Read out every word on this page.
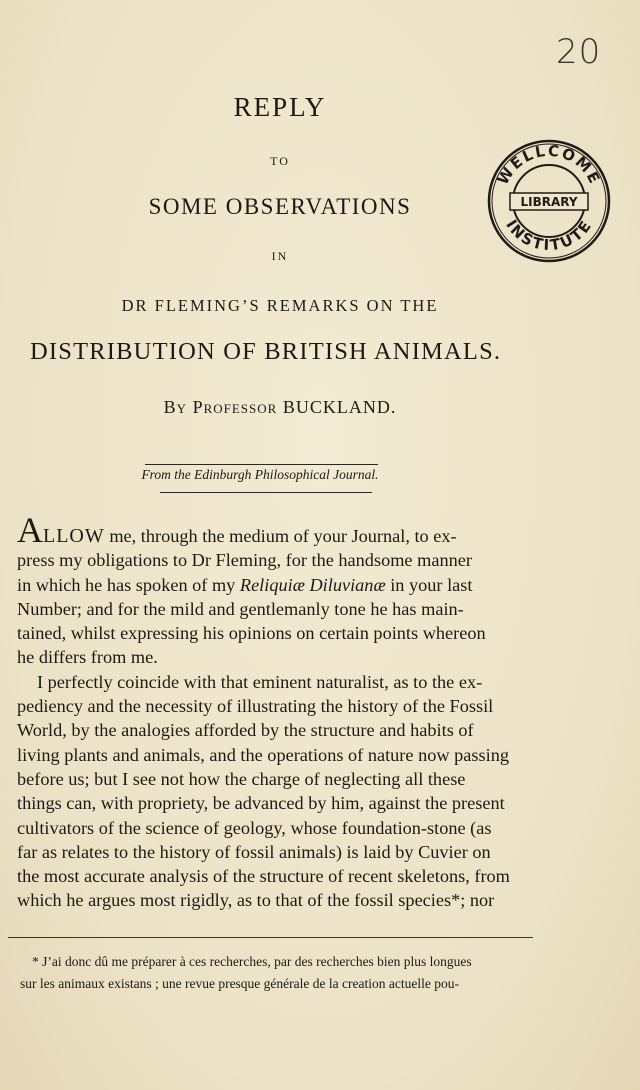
20
WELLCOME
INSTITUTE
LIBRARY
REPLY
TO
SOME OBSERVATIONS
IN
DR FLEMING’S REMARKS ON THE
DISTRIBUTION OF BRITISH ANIMALS.
By Professor BUCKLAND.
From the Edinburgh Philosophical Journal.

ALLOW me, through the medium of your Journal, to ex-
press my obligations to Dr Fleming, for the handsome manner
in which he has spoken of my Reliquiæ Diluvianæ in your last
Number; and for the mild and gentlemanly tone he has main-
tained, whilst expressing his opinions on certain points whereon
he differs from me.

I perfectly coincide with that eminent naturalist, as to the ex-
pediency and the necessity of illustrating the history of the Fossil
World, by the analogies afforded by the structure and habits of
living plants and animals, and the operations of nature now passing
before us; but I see not how the charge of neglecting all these
things can, with propriety, be advanced by him, against the present
cultivators of the science of geology, whose foundation-stone (as
far as relates to the history of fossil animals) is laid by Cuvier on
the most accurate analysis of the structure of recent skeletons, from
which he argues most rigidly, as to that of the fossil species*; nor

* J’ai donc dû me préparer à ces recherches, par des recherches bien plus longues
sur les animaux existans ; une revue presque générale de la creation actuelle pou-
